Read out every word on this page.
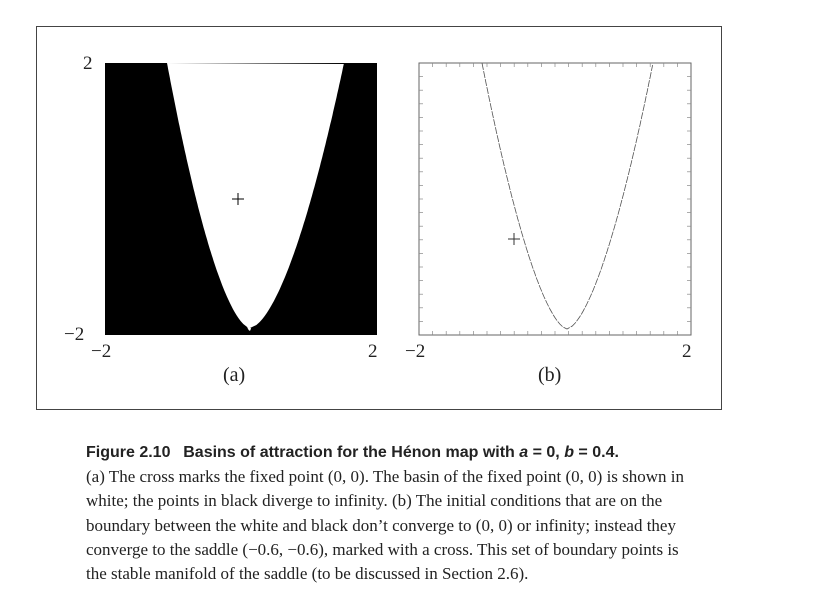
2
−2
−2	2
(a)
−2	2
(b)

Figure 2.10 Basins of attraction for the Hénon map with a = 0, b = 0.4.
(a) The cross marks the fixed point (0, 0). The basin of the fixed point (0, 0) is shown in white; the points in black diverge to infinity. (b) The initial conditions that are on the boundary between the white and black don’t converge to (0, 0) or infinity; instead they converge to the saddle (−0.6, −0.6), marked with a cross. This set of boundary points is the stable manifold of the saddle (to be discussed in Section 2.6).
